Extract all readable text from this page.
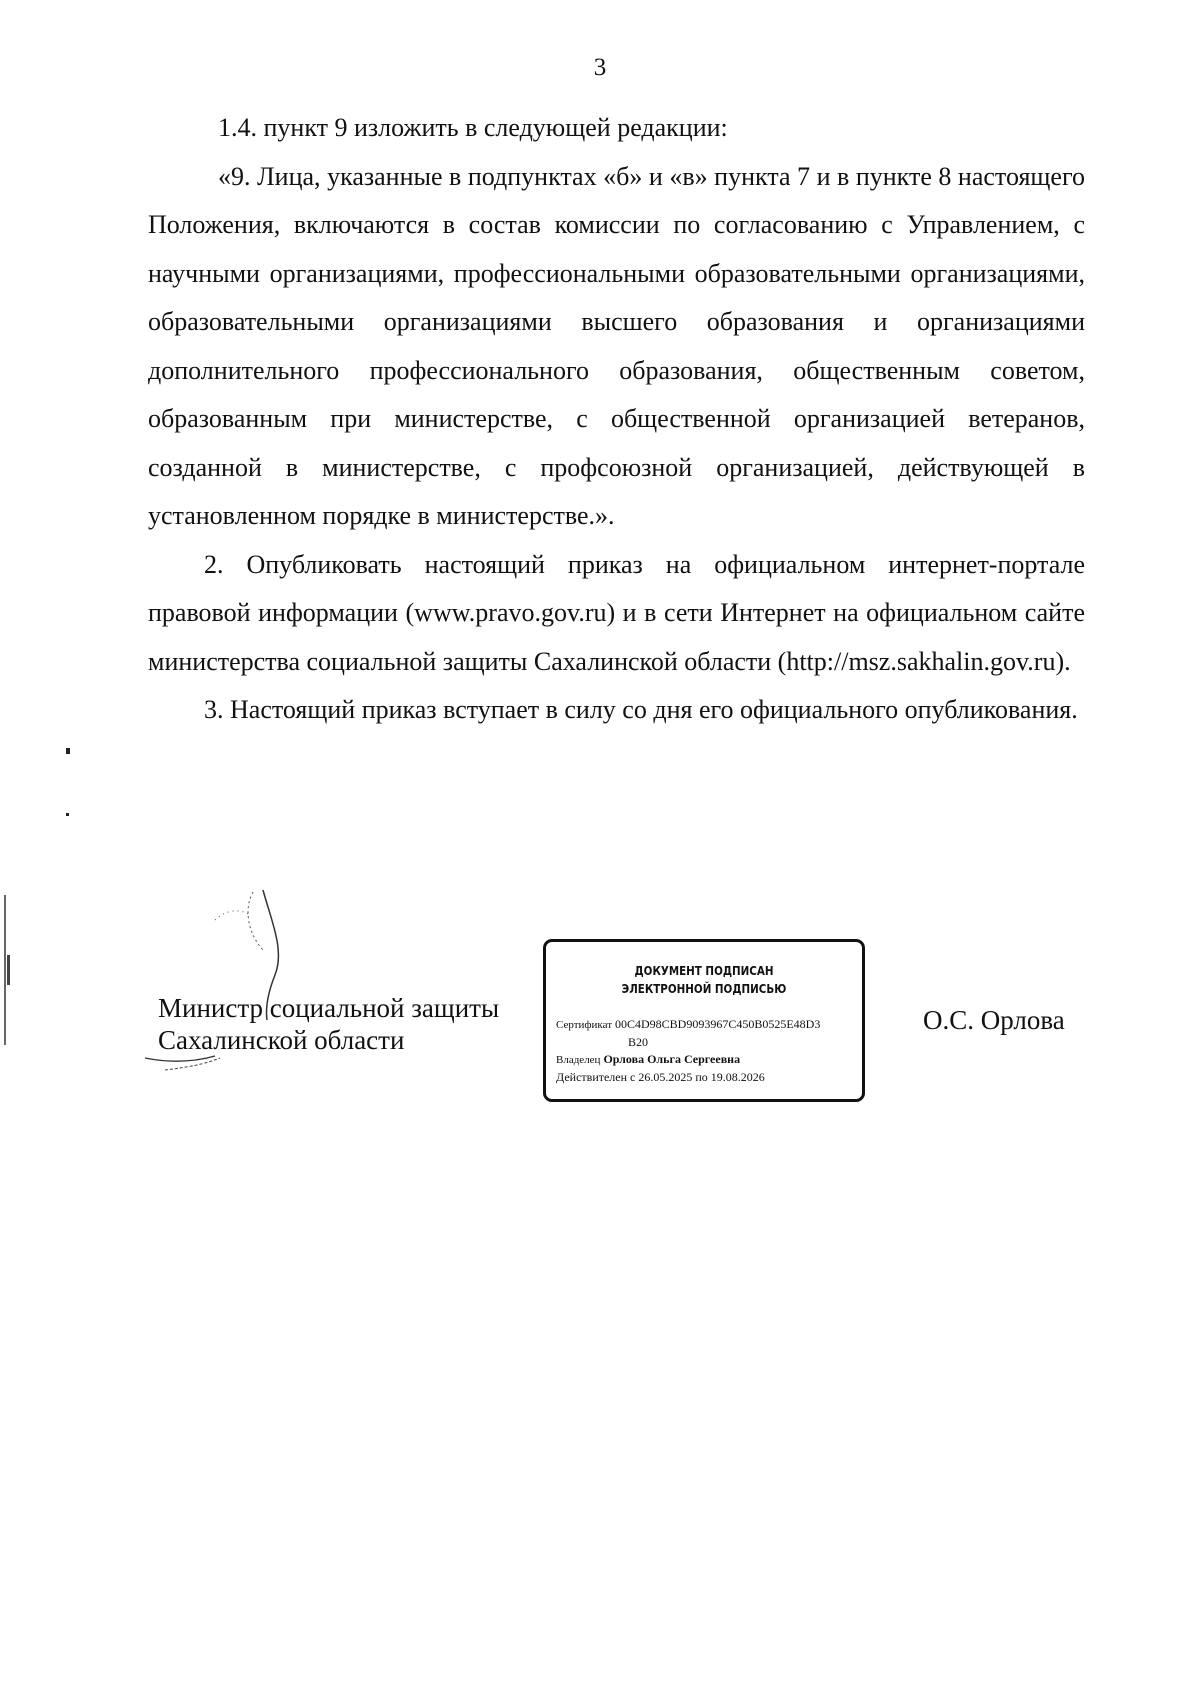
3

1.4. пункт 9 изложить в следующей редакции:

«9. Лица, указанные в подпунктах «б» и «в» пункта 7 и в пункте 8 настоящего Положения, включаются в состав комиссии по согласованию с Управлением, с научными организациями, профессиональными образовательными организациями, образовательными организациями высшего образования и организациями дополнительного профессионального образования, общественным советом, образованным при министерстве, с общественной организацией ветеранов, созданной в министерстве, с профсоюзной организацией, действующей в установленном порядке в министерстве.».

2. Опубликовать настоящий приказ на официальном интернет-портале правовой информации (www.pravo.gov.ru) и в сети Интернет на официальном сайте министерства социальной защиты Сахалинской области (http://msz.sakhalin.gov.ru).

3. Настоящий приказ вступает в силу со дня его официального опубликования.

Министр социальной защиты
Сахалинской области
ДОКУМЕНТ ПОДПИСАН
ЭЛЕКТРОННОЙ ПОДПИСЬЮ
Сертификат 00C4D98CBD9093967C450B0525E48D3
B20
Владелец Орлова Ольга Сергеевна
Действителен с 26.05.2025 по 19.08.2026
О.С. Орлова
